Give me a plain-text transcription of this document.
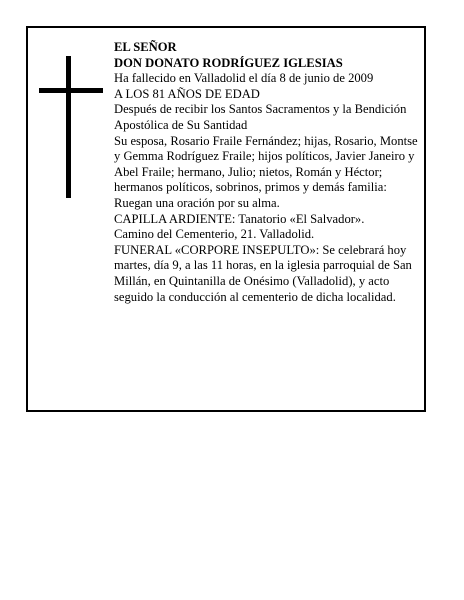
EL SEÑOR

DON DONATO RODRÍGUEZ IGLESIAS

Ha fallecido en Valladolid el día 8 de junio de 2009

A LOS 81 AÑOS DE EDAD

Después de recibir los Santos Sacramentos y la Bendición Apostólica de Su Santidad

Su esposa, Rosario Fraile Fernández; hijas, Rosario, Montse y Gemma Rodríguez Fraile; hijos políticos, Javier Janeiro y Abel Fraile; hermano, Julio; nietos, Román y Héctor; hermanos políticos, sobrinos, primos y demás familia:

Ruegan una oración por su alma.

CAPILLA ARDIENTE: Tanatorio «El Salvador».

Camino del Cementerio, 21. Valladolid.

FUNERAL «CORPORE INSEPULTO»: Se celebrará hoy martes, día 9, a las 11 horas, en la iglesia parroquial de San Millán, en Quintanilla de Onésimo (Valladolid), y acto seguido la conducción al cementerio de dicha localidad.
